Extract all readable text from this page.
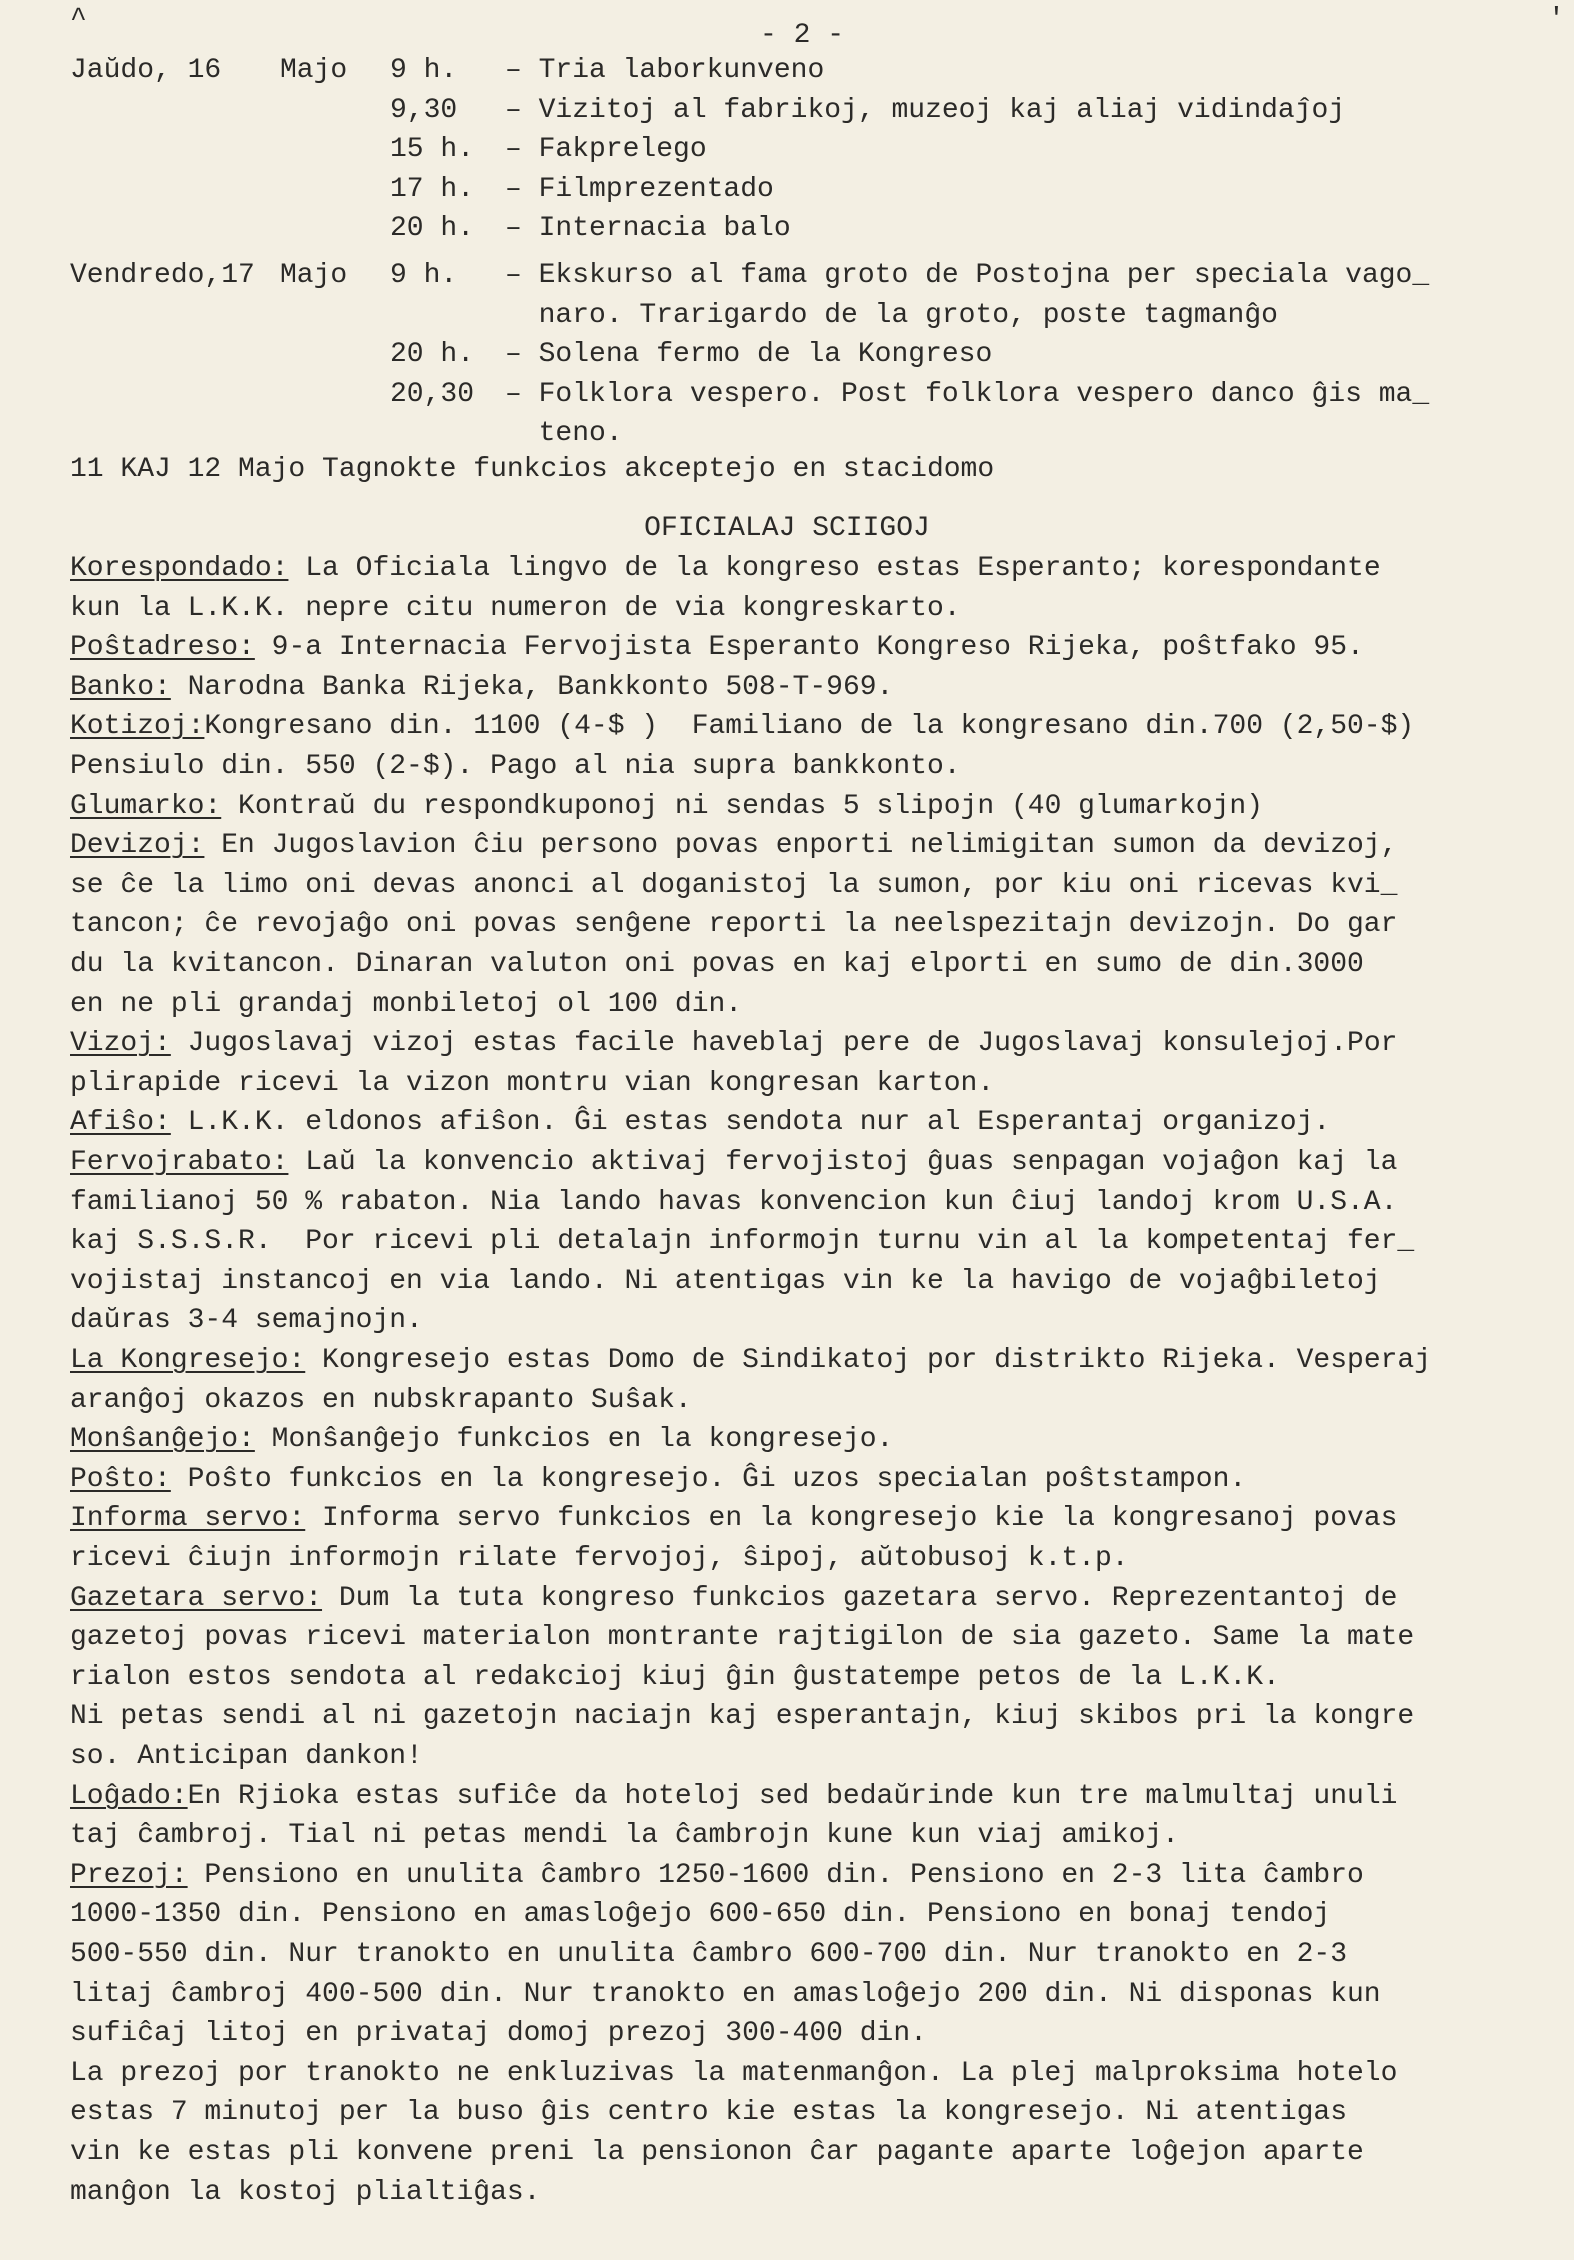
^	'
- 2 -
Jaŭdo, 16 Majo 9 h. – Tria laborkunveno
9,30 – Vizitoj al fabrikoj, muzeoj kaj aliaj vidindaĵoj
15 h. – Fakprelego
17 h. – Filmprezentado
20 h. – Internacia balo
Vendredo,17 Majo 9 h. – Ekskurso al fama groto de Postojna per speciala vago_
naro. Trarigardo de la groto, poste tagmanĝo
20 h. – Solena fermo de la Kongreso
20,30 – Folklora vespero. Post folklora vespero danco ĝis ma_
teno.
11 KAJ 12 Majo Tagnokte funkcios akceptejo en stacidomo
OFICIALAJ SCIIGOJ
Korespondado: La Oficiala lingvo de la kongreso estas Esperanto; korespondante
kun la L.K.K. nepre citu numeron de via kongreskarto.
Poŝtadreso: 9-a Internacia Fervojista Esperanto Kongreso Rijeka, poŝtfako 95.
Banko: Narodna Banka Rijeka, Bankkonto 508-T-969.
Kotizoj:Kongresano din. 1100 (4-$ )  Familiano de la kongresano din.700 (2,50-$)
Pensiulo din. 550 (2-$). Pago al nia supra bankkonto.
Glumarko: Kontraŭ du respondkuponoj ni sendas 5 slipojn (40 glumarkojn)
Devizoj: En Jugoslavion ĉiu persono povas enporti nelimigitan sumon da devizoj,
se ĉe la limo oni devas anonci al doganistoj la sumon, por kiu oni ricevas kvi_
tancon; ĉe revojaĝo oni povas senĝene reporti la neelspezitajn devizojn. Do gar
du la kvitancon. Dinaran valuton oni povas en kaj elporti en sumo de din.3000
en ne pli grandaj monbiletoj ol 100 din.
Vizoj: Jugoslavaj vizoj estas facile haveblaj pere de Jugoslavaj konsulejoj.Por
plirapide ricevi la vizon montru vian kongresan karton.
Afiŝo: L.K.K. eldonos afiŝon. Ĝi estas sendota nur al Esperantaj organizoj.
Fervojrabato: Laŭ la konvencio aktivaj fervojistoj ĝuas senpagan vojaĝon kaj la
familianoj 50 % rabaton. Nia lando havas konvencion kun ĉiuj landoj krom U.S.A.
kaj S.S.S.R.  Por ricevi pli detalajn informojn turnu vin al la kompetentaj fer_
vojistaj instancoj en via lando. Ni atentigas vin ke la havigo de vojaĝbiletoj
daŭras 3-4 semajnojn.
La Kongresejo: Kongresejo estas Domo de Sindikatoj por distrikto Rijeka. Vesperaj
aranĝoj okazos en nubskrapanto Suŝak.
Monŝanĝejo: Monŝanĝejo funkcios en la kongresejo.
Poŝto: Poŝto funkcios en la kongresejo. Ĝi uzos specialan poŝtstampon.
Informa servo: Informa servo funkcios en la kongresejo kie la kongresanoj povas
ricevi ĉiujn informojn rilate fervojoj, ŝipoj, aŭtobusoj k.t.p.
Gazetara servo: Dum la tuta kongreso funkcios gazetara servo. Reprezentantoj de
gazetoj povas ricevi materialon montrante rajtigilon de sia gazeto. Same la mate
rialon estos sendota al redakcioj kiuj ĝin ĝustatempe petos de la L.K.K.
Ni petas sendi al ni gazetojn naciajn kaj esperantajn, kiuj skibos pri la kongre
so. Anticipan dankon!
Loĝado:En Rjioka estas sufiĉe da hoteloj sed bedaŭrinde kun tre malmultaj unuli
taj ĉambroj. Tial ni petas mendi la ĉambrojn kune kun viaj amikoj.
Prezoj: Pensiono en unulita ĉambro 1250-1600 din. Pensiono en 2-3 lita ĉambro
1000-1350 din. Pensiono en amasloĝejo 600-650 din. Pensiono en bonaj tendoj
500-550 din. Nur tranokto en unulita ĉambro 600-700 din. Nur tranokto en 2-3
litaj ĉambroj 400-500 din. Nur tranokto en amasloĝejo 200 din. Ni disponas kun
sufiĉaj litoj en privataj domoj prezoj 300-400 din.
La prezoj por tranokto ne enkluzivas la matenmanĝon. La plej malproksima hotelo
estas 7 minutoj per la buso ĝis centro kie estas la kongresejo. Ni atentigas
vin ke estas pli konvene preni la pensionon ĉar pagante aparte loĝejon aparte
manĝon la kostoj plialtiĝas.
